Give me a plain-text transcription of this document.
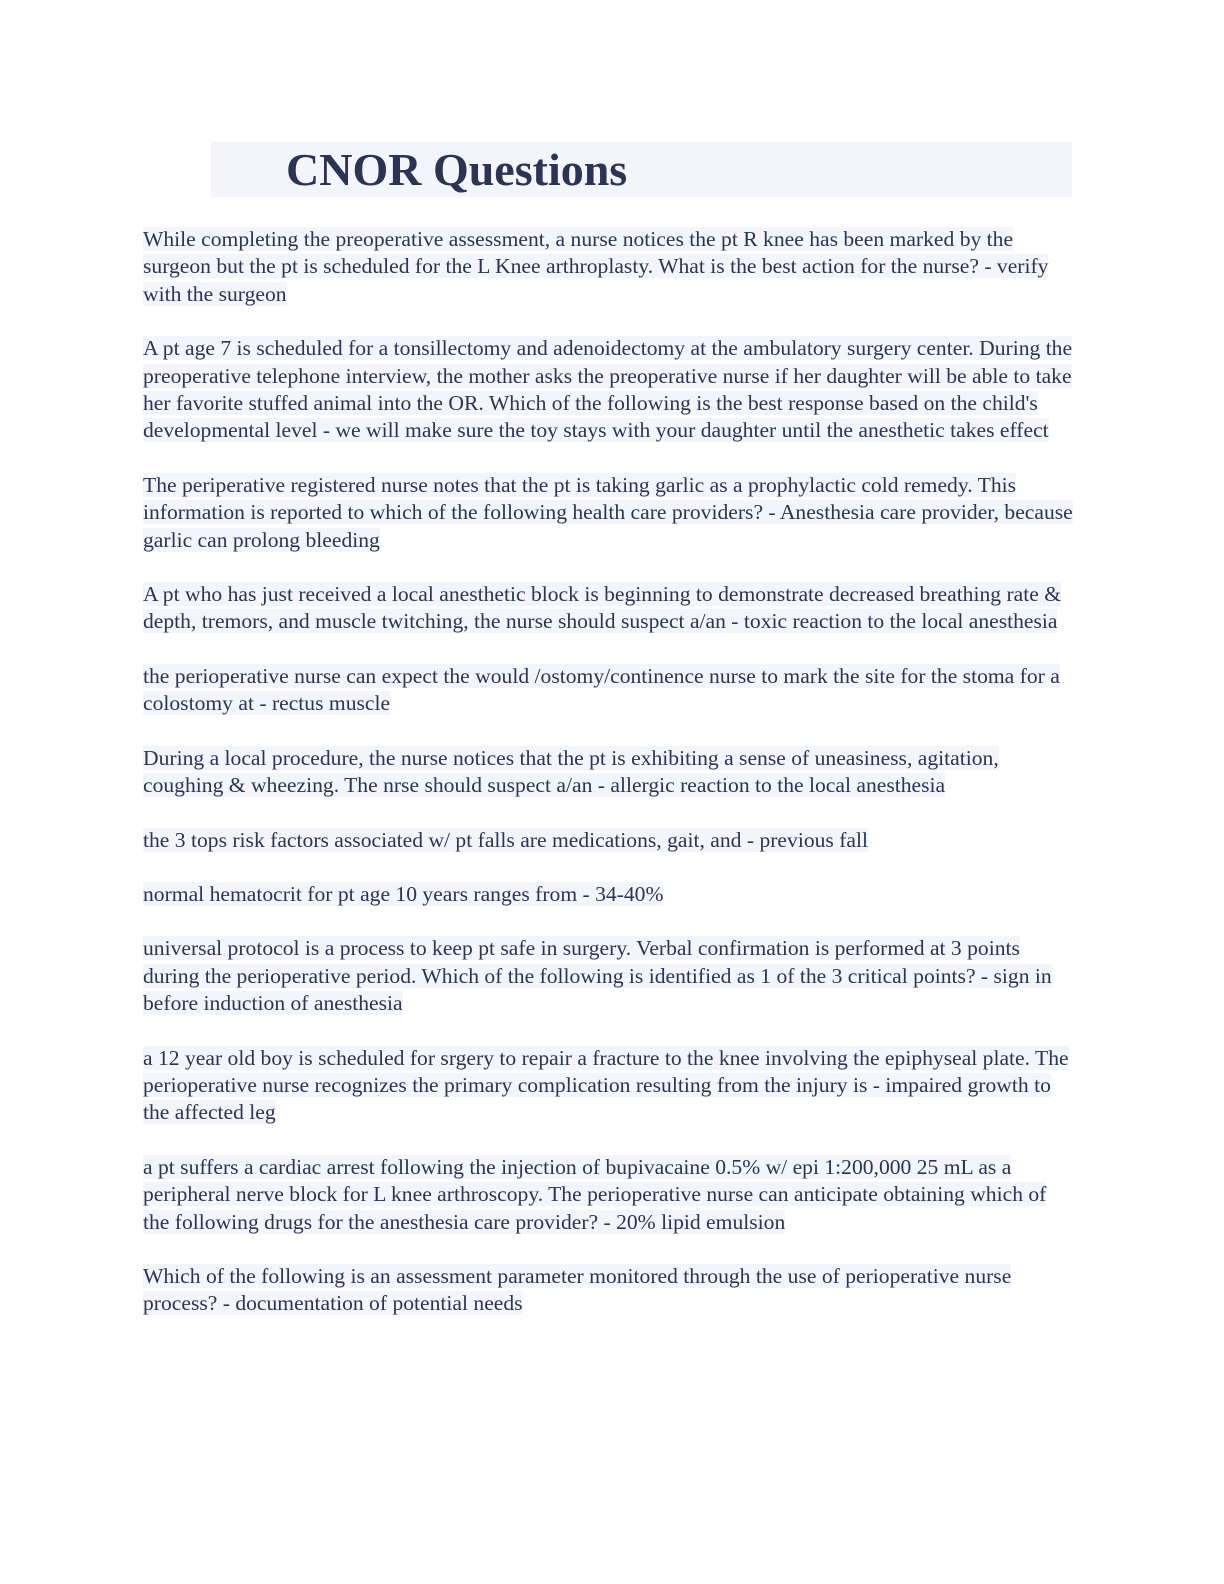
CNOR Questions

While completing the preoperative assessment, a nurse notices the pt R knee has been marked by the surgeon but the pt is scheduled for the L Knee arthroplasty. What is the best action for the nurse? - verify with the surgeon

A pt age 7 is scheduled for a tonsillectomy and adenoidectomy at the ambulatory surgery center. During the preoperative telephone interview, the mother asks the preoperative nurse if her daughter will be able to take her favorite stuffed animal into the OR. Which of the following is the best response based on the child's developmental level - we will make sure the toy stays with your daughter until the anesthetic takes effect

The periperative registered nurse notes that the pt is taking garlic as a prophylactic cold remedy. This information is reported to which of the following health care providers? - Anesthesia care provider, because garlic can prolong bleeding

A pt who has just received a local anesthetic block is beginning to demonstrate decreased breathing rate & depth, tremors, and muscle twitching, the nurse should suspect a/an - toxic reaction to the local anesthesia

the perioperative nurse can expect the would /ostomy/continence nurse to mark the site for the stoma for a colostomy at - rectus muscle

During a local procedure, the nurse notices that the pt is exhibiting a sense of uneasiness, agitation, coughing & wheezing. The nrse should suspect a/an - allergic reaction to the local anesthesia

the 3 tops risk factors associated w/ pt falls are medications, gait, and - previous fall

normal hematocrit for pt age 10 years ranges from - 34-40%

universal protocol is a process to keep pt safe in surgery. Verbal confirmation is performed at 3 points during the perioperative period. Which of the following is identified as 1 of the 3 critical points? - sign in before induction of anesthesia

a 12 year old boy is scheduled for srgery to repair a fracture to the knee involving the epiphyseal plate. The perioperative nurse recognizes the primary complication resulting from the injury is - impaired growth to the affected leg

a pt suffers a cardiac arrest following the injection of bupivacaine 0.5% w/ epi 1:200,000 25 mL as a peripheral nerve block for L knee arthroscopy. The perioperative nurse can anticipate obtaining which of the following drugs for the anesthesia care provider? - 20% lipid emulsion

Which of the following is an assessment parameter monitored through the use of perioperative nurse process? - documentation of potential needs
